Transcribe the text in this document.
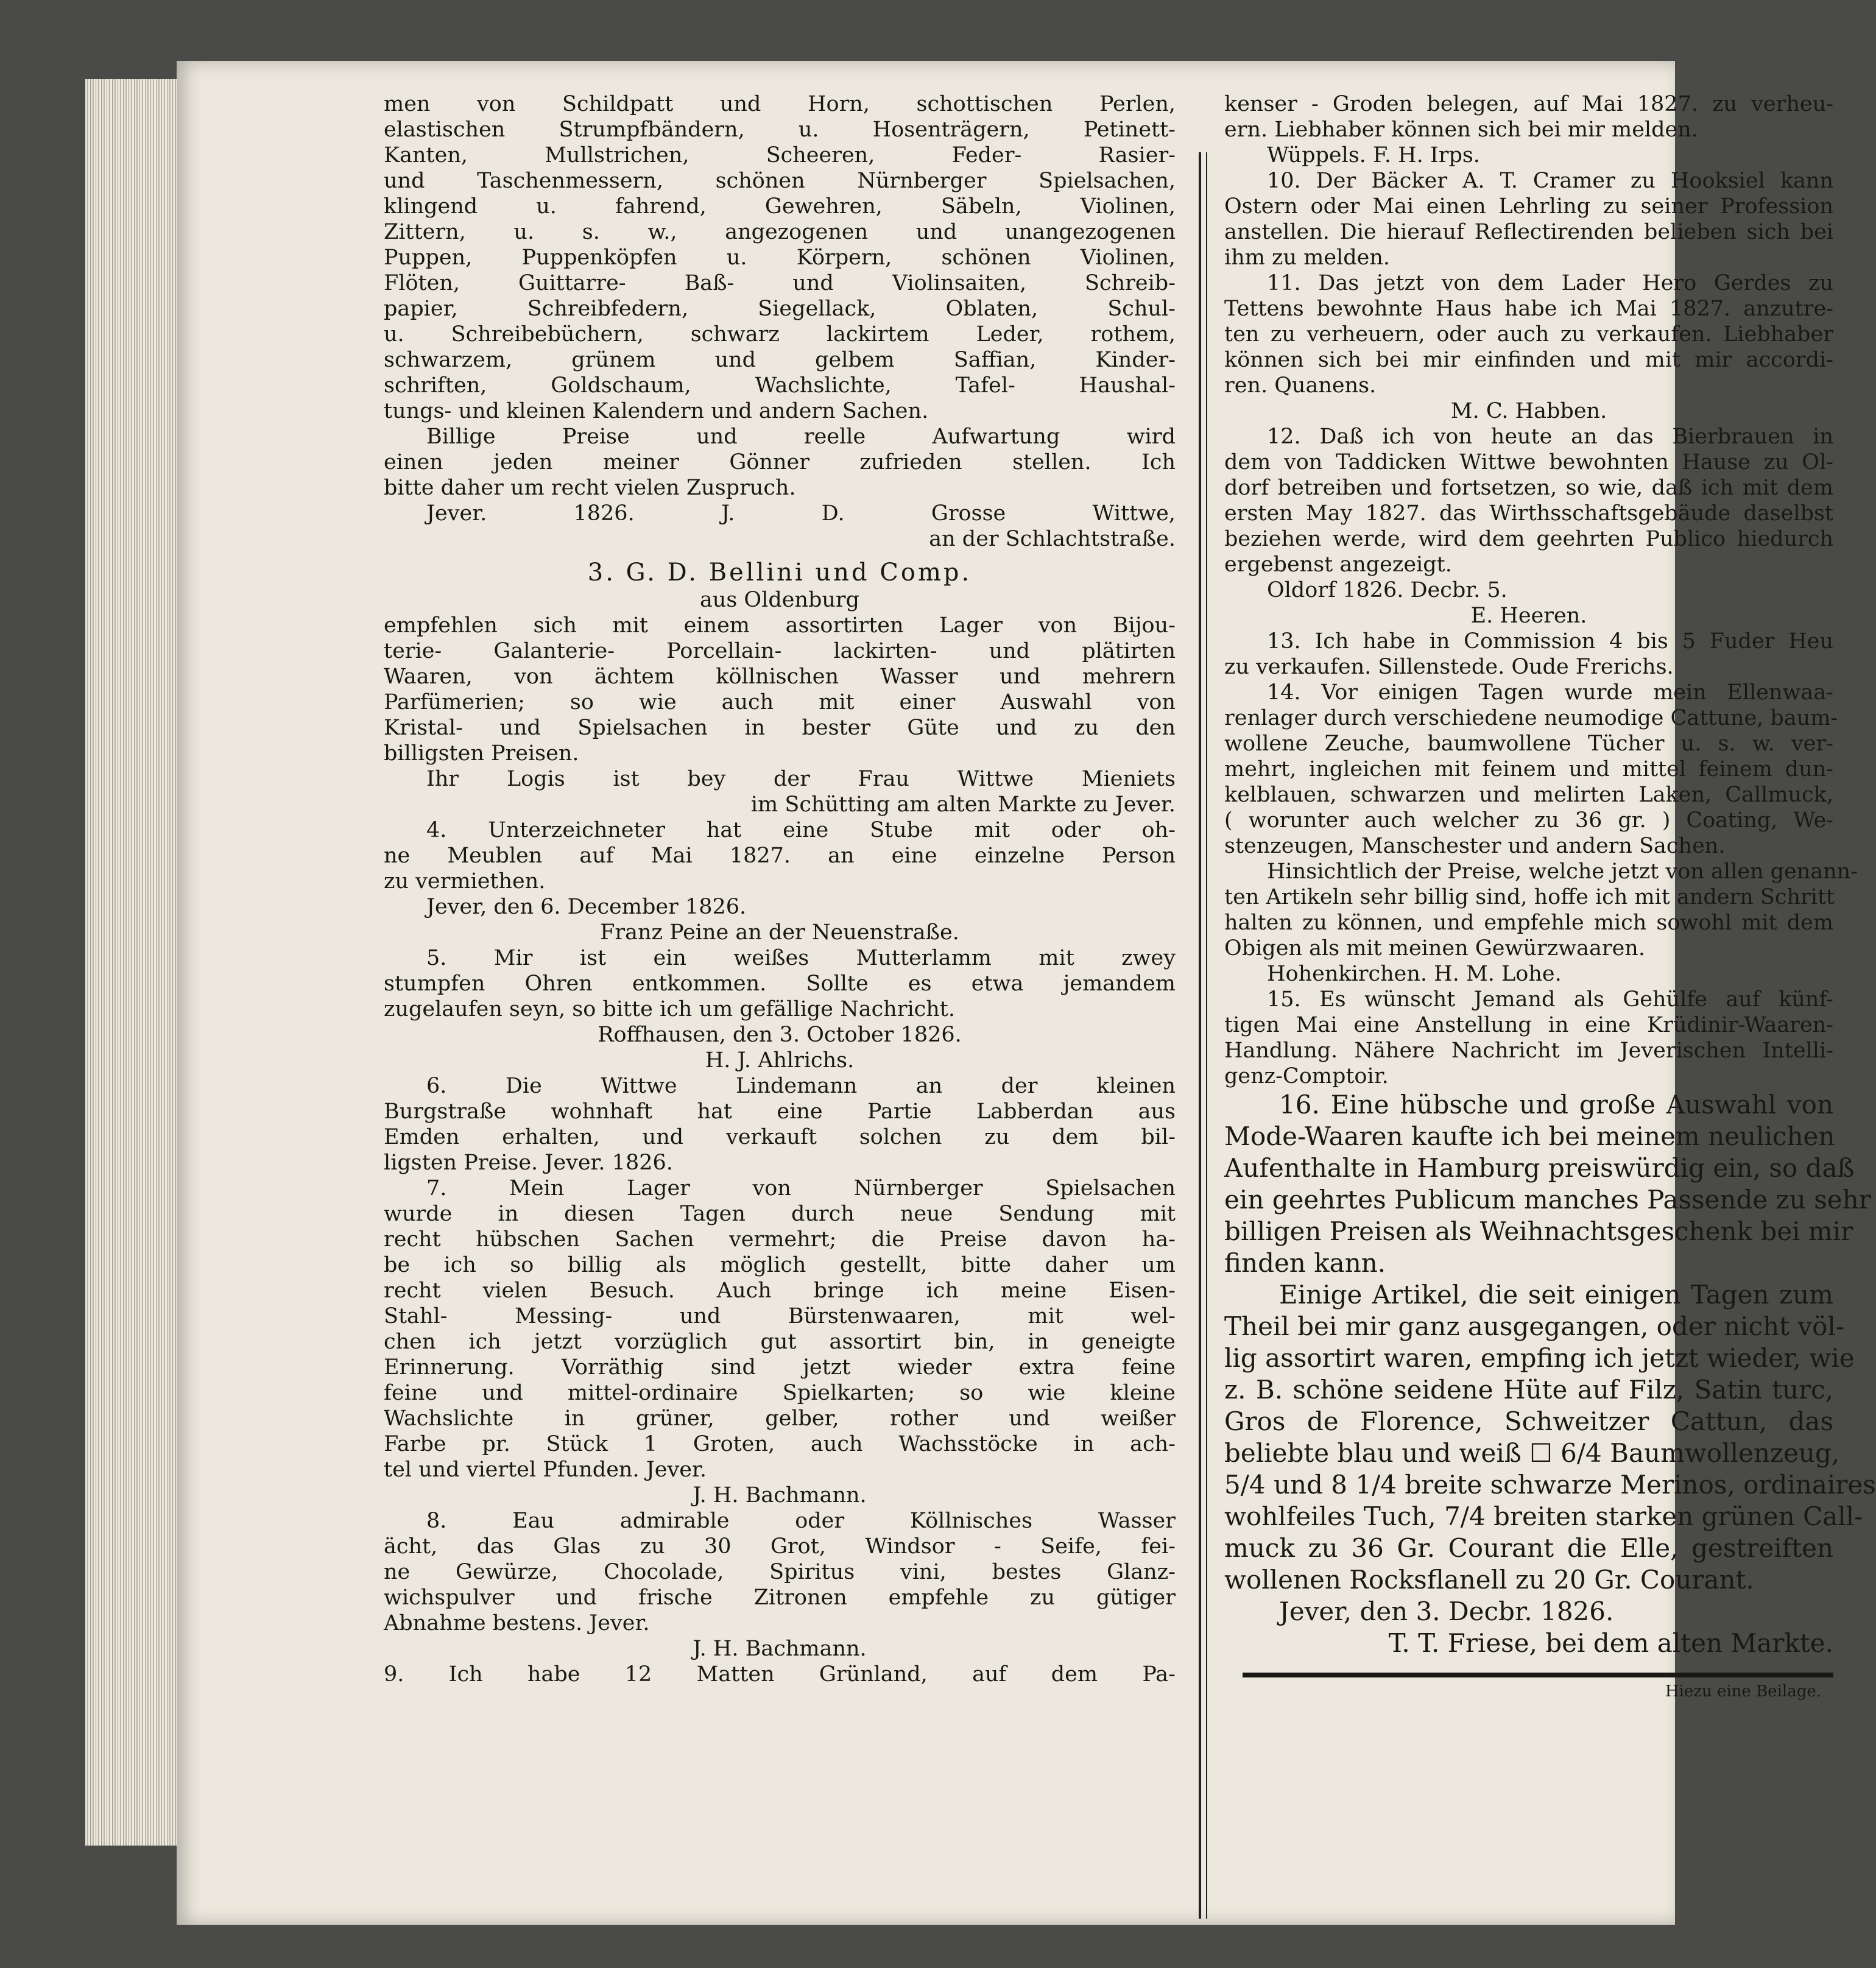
men von Schildpatt und Horn, schottischen Perlen,
elastischen Strumpfbändern, u. Hosenträgern, Petinett-
Kanten, Mullstrichen, Scheeren, Feder- Rasier-
und Taschenmessern, schönen Nürnberger Spielsachen,
klingend u. fahrend, Gewehren, Säbeln, Violinen,
Zittern, u. s. w., angezogenen und unangezogenen
Puppen, Puppenköpfen u. Körpern, schönen Violinen,
Flöten, Guittarre- Baß- und Violinsaiten, Schreib-
papier, Schreibfedern, Siegellack, Oblaten, Schul-
u. Schreibebüchern, schwarz lackirtem Leder, rothem,
schwarzem, grünem und gelbem Saffian, Kinder-
schriften, Goldschaum, Wachslichte, Tafel- Haushal-
tungs- und kleinen Kalendern und andern Sachen.
Billige Preise und reelle Aufwartung wird
einen jeden meiner Gönner zufrieden stellen. Ich
bitte daher um recht vielen Zuspruch.
Jever. 1826. J. D. Grosse Wittwe,
an der Schlachtstraße.
3. G. D. Bellini und Comp.
aus Oldenburg
empfehlen sich mit einem assortirten Lager von Bijou-
terie- Galanterie- Porcellain- lackirten- und plätirten
Waaren, von ächtem köllnischen Wasser und mehrern
Parfümerien; so wie auch mit einer Auswahl von
Kristal- und Spielsachen in bester Güte und zu den
billigsten Preisen.
Ihr Logis ist bey der Frau Wittwe Mieniets
im Schütting am alten Markte zu Jever.
4. Unterzeichneter hat eine Stube mit oder oh-
ne Meublen auf Mai 1827. an eine einzelne Person
zu vermiethen.
Jever, den 6. December 1826.
Franz Peine an der Neuenstraße.
5. Mir ist ein weißes Mutterlamm mit zwey
stumpfen Ohren entkommen. Sollte es etwa jemandem
zugelaufen seyn, so bitte ich um gefällige Nachricht.
Roffhausen, den 3. October 1826.
H. J. Ahlrichs.
6. Die Wittwe Lindemann an der kleinen
Burgstraße wohnhaft hat eine Partie Labberdan aus
Emden erhalten, und verkauft solchen zu dem bil-
ligsten Preise. Jever. 1826.
7. Mein Lager von Nürnberger Spielsachen
wurde in diesen Tagen durch neue Sendung mit
recht hübschen Sachen vermehrt; die Preise davon ha-
be ich so billig als möglich gestellt, bitte daher um
recht vielen Besuch. Auch bringe ich meine Eisen-
Stahl- Messing- und Bürstenwaaren, mit wel-
chen ich jetzt vorzüglich gut assortirt bin, in geneigte
Erinnerung. Vorräthig sind jetzt wieder extra feine
feine und mittel-ordinaire Spielkarten; so wie kleine
Wachslichte in grüner, gelber, rother und weißer
Farbe pr. Stück 1 Groten, auch Wachsstöcke in ach-
tel und viertel Pfunden. Jever.
J. H. Bachmann.
8. Eau admirable oder Köllnisches Wasser
ächt, das Glas zu 30 Grot, Windsor - Seife, fei-
ne Gewürze, Chocolade, Spiritus vini, bestes Glanz-
wichspulver und frische Zitronen empfehle zu gütiger
Abnahme bestens. Jever.
J. H. Bachmann.
9. Ich habe 12 Matten Grünland, auf dem Pa-
kenser - Groden belegen, auf Mai 1827. zu verheu-
ern. Liebhaber können sich bei mir melden.
Wüppels. F. H. Irps.
10. Der Bäcker A. T. Cramer zu Hooksiel kann
Ostern oder Mai einen Lehrling zu seiner Profession
anstellen. Die hierauf Reflectirenden belieben sich bei
ihm zu melden.
11. Das jetzt von dem Lader Hero Gerdes zu
Tettens bewohnte Haus habe ich Mai 1827. anzutre-
ten zu verheuern, oder auch zu verkaufen. Liebhaber
können sich bei mir einfinden und mit mir accordi-
ren. Quanens.
M. C. Habben.
12. Daß ich von heute an das Bierbrauen in
dem von Taddicken Wittwe bewohnten Hause zu Ol-
dorf betreiben und fortsetzen, so wie, daß ich mit dem
ersten May 1827. das Wirthsschaftsgebäude daselbst
beziehen werde, wird dem geehrten Publico hiedurch
ergebenst angezeigt.
Oldorf 1826. Decbr. 5.
E. Heeren.
13. Ich habe in Commission 4 bis 5 Fuder Heu
zu verkaufen. Sillenstede. Oude Frerichs.
14. Vor einigen Tagen wurde mein Ellenwaa-
renlager durch verschiedene neumodige Cattune, baum-
wollene Zeuche, baumwollene Tücher u. s. w. ver-
mehrt, ingleichen mit feinem und mittel feinem dun-
kelblauen, schwarzen und melirten Laken, Callmuck,
( worunter auch welcher zu 36 gr. ) Coating, We-
stenzeugen, Manschester und andern Sachen.
Hinsichtlich der Preise, welche jetzt von allen genann-
ten Artikeln sehr billig sind, hoffe ich mit andern Schritt
halten zu können, und empfehle mich sowohl mit dem
Obigen als mit meinen Gewürzwaaren.
Hohenkirchen. H. M. Lohe.
15. Es wünscht Jemand als Gehülfe auf künf-
tigen Mai eine Anstellung in eine Krüdinir-Waaren-
Handlung. Nähere Nachricht im Jeverischen Intelli-
genz-Comptoir.
16. Eine hübsche und große Auswahl von
Mode-Waaren kaufte ich bei meinem neulichen
Aufenthalte in Hamburg preiswürdig ein, so daß
ein geehrtes Publicum manches Passende zu sehr
billigen Preisen als Weihnachtsgeschenk bei mir
finden kann.
Einige Artikel, die seit einigen Tagen zum
Theil bei mir ganz ausgegangen, oder nicht völ-
lig assortirt waren, empfing ich jetzt wieder, wie
z. B. schöne seidene Hüte auf Filz, Satin turc,
Gros de Florence, Schweitzer Cattun, das
beliebte blau und weiß ☐ 6/4 Baumwollenzeug,
5/4 und 8 1/4 breite schwarze Merinos, ordinaires
wohlfeiles Tuch, 7/4 breiten starken grünen Call-
muck zu 36 Gr. Courant die Elle, gestreiften
wollenen Rocksflanell zu 20 Gr. Courant.
Jever, den 3. Decbr. 1826.
T. T. Friese, bei dem alten Markte.
Hiezu eine Beilage.
